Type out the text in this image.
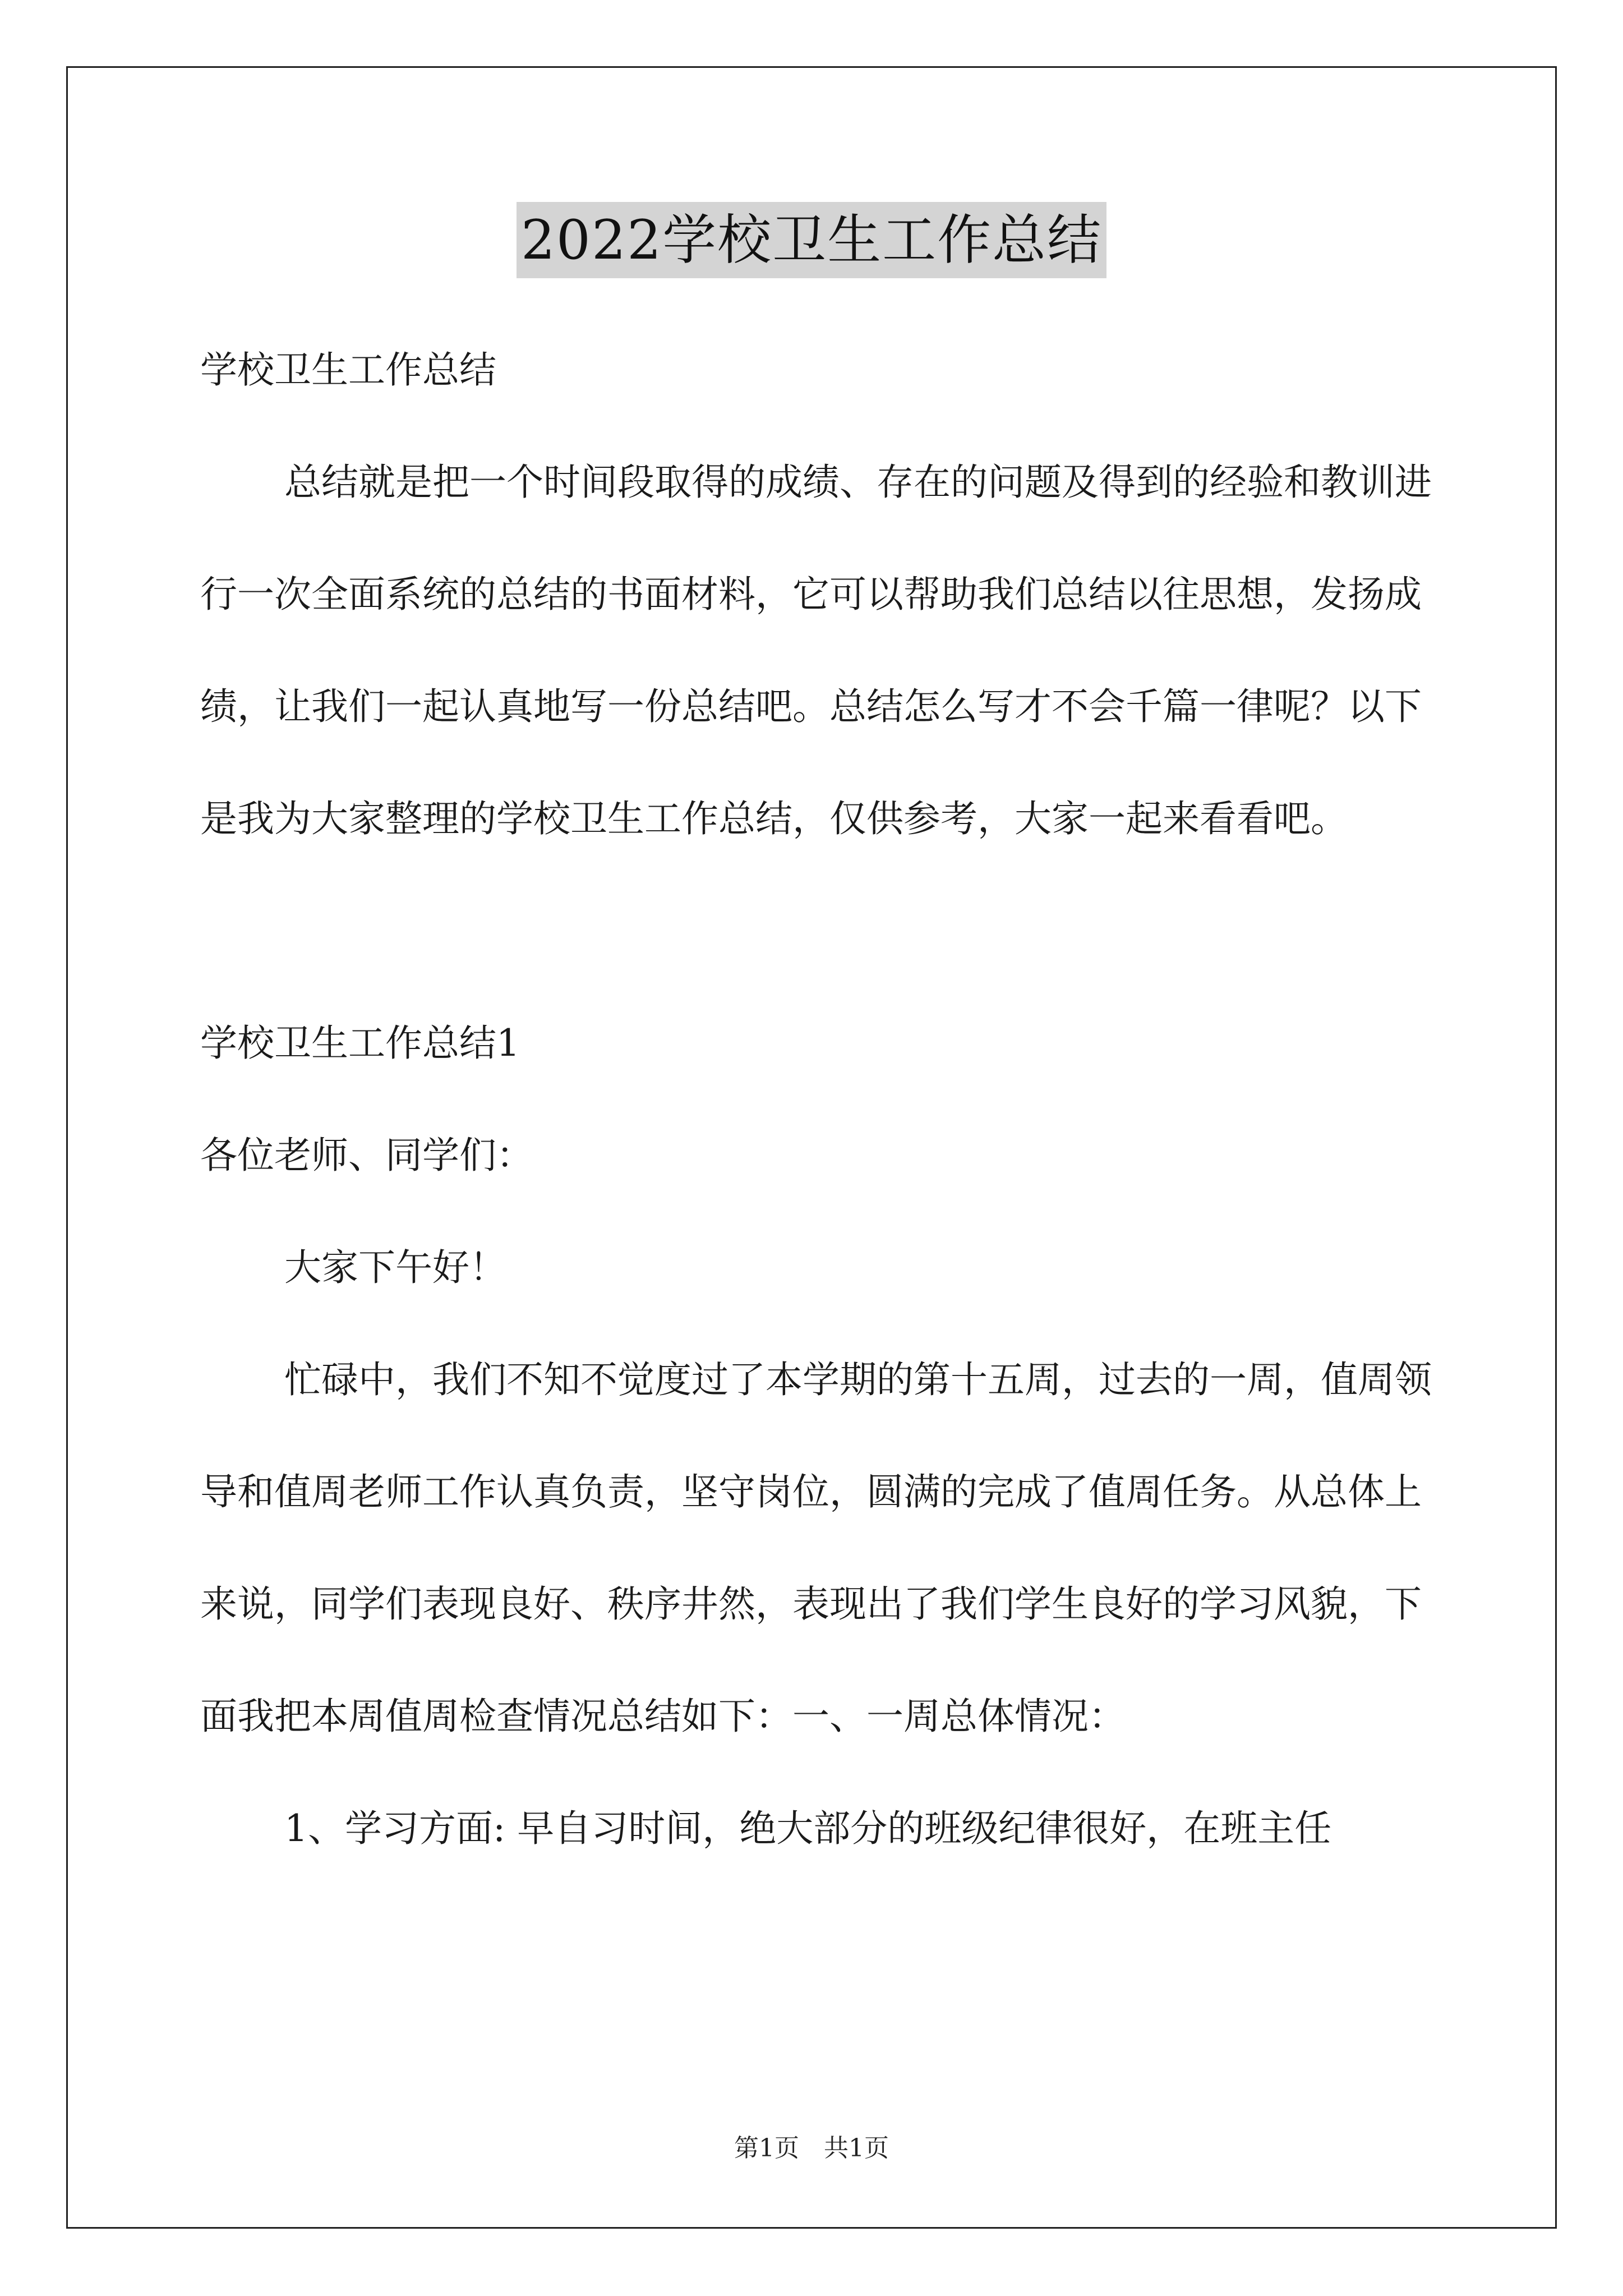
2022学校卫生工作总结

学校卫生工作总结

总结就是把一个时间段取得的成绩、存在的问题及得到的经验和教训进行一次全面系统的总结的书面材料，它可以帮助我们总结以往思想，发扬成绩，让我们一起认真地写一份总结吧。总结怎么写才不会千篇一律呢？以下是我为大家整理的学校卫生工作总结，仅供参考，大家一起来看看吧。

学校卫生工作总结1

各位老师、同学们：

大家下午好！

忙碌中，我们不知不觉度过了本学期的第十五周，过去的一周，值周领导和值周老师工作认真负责，坚守岗位，圆满的完成了值周任务。从总体上来说，同学们表现良好、秩序井然，表现出了我们学生良好的学习风貌，下面我把本周值周检查情况总结如下：一、一周总体情况：

1、学习方面: 早自习时间，绝大部分的班级纪律很好，在班主任

第1页 共1页
